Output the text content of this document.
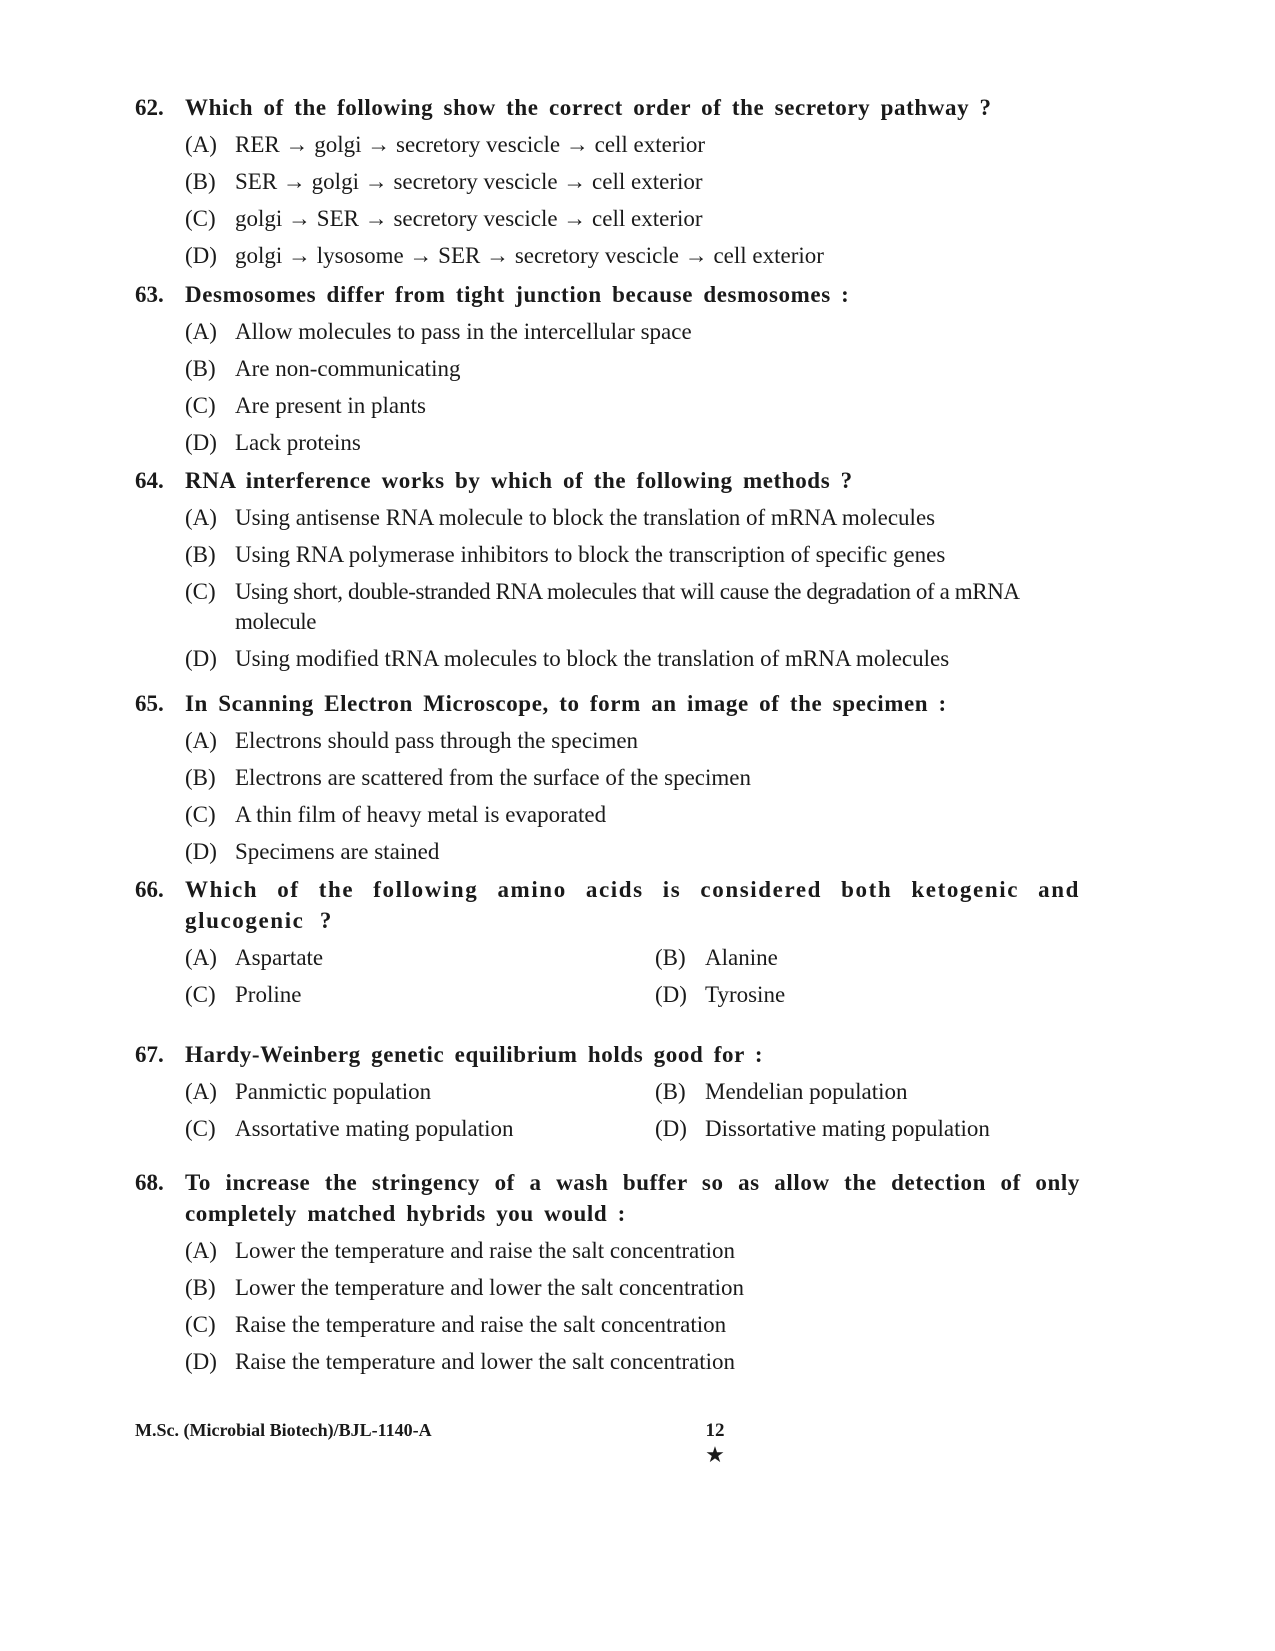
62. Which of the following show the correct order of the secretory pathway ?
(A) RER → golgi → secretory vescicle → cell exterior
(B) SER → golgi → secretory vescicle → cell exterior
(C) golgi → SER → secretory vescicle → cell exterior
(D) golgi → lysosome → SER → secretory vescicle → cell exterior
63. Desmosomes differ from tight junction because desmosomes :
(A) Allow molecules to pass in the intercellular space
(B) Are non-communicating
(C) Are present in plants
(D) Lack proteins
64. RNA interference works by which of the following methods ?
(A) Using antisense RNA molecule to block the translation of mRNA molecules
(B) Using RNA polymerase inhibitors to block the transcription of specific genes
(C) Using short, double-stranded RNA molecules that will cause the degradation of a mRNA molecule
(D) Using modified tRNA molecules to block the translation of mRNA molecules
65. In Scanning Electron Microscope, to form an image of the specimen :
(A) Electrons should pass through the specimen
(B) Electrons are scattered from the surface of the specimen
(C) A thin film of heavy metal is evaporated
(D) Specimens are stained
66. Which of the following amino acids is considered both ketogenic and glucogenic ?
(A) Aspartate	(B) Alanine
(C) Proline	(D) Tyrosine
67. Hardy-Weinberg genetic equilibrium holds good for :
(A) Panmictic population	(B) Mendelian population
(C) Assortative mating population	(D) Dissortative mating population
68. To increase the stringency of a wash buffer so as allow the detection of only completely matched hybrids you would :
(A) Lower the temperature and raise the salt concentration
(B) Lower the temperature and lower the salt concentration
(C) Raise the temperature and raise the salt concentration
(D) Raise the temperature and lower the salt concentration
M.Sc. (Microbial Biotech)/BJL-1140-A	12
★
